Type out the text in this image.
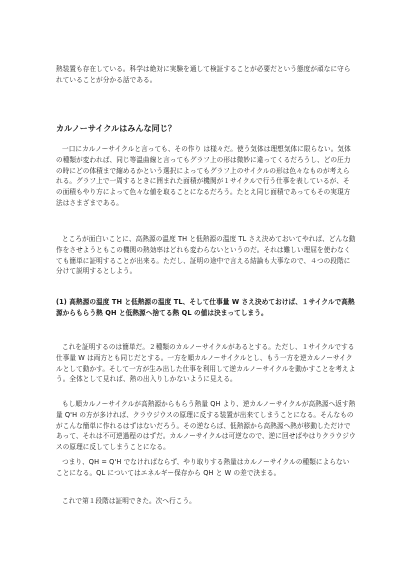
熱装置も存在している。科学は絶対に実験を通して検証することが必要だという態度が頑なに守られていることが分かる話である。

カルノーサイクルはみんな同じ？

一口にカルノーサイクルと言っても、その作り は様々だ。使う気体は理想気体に限らない。気体の種類が変われば、同じ等温曲線と言ってもグラフ上の形は微妙に違ってくるだろうし、どの圧力の時にどの体積まで縮めるかという選択によってもグラフ上のサイクルの形は色々なものが考えられる。グラフ上で一周するときに囲まれた面積が機関が１サイクルで行う仕事を表しているが、その面積もやり方によって色々な値を取ることになるだろう。たとえ同じ面積であってもその実現方法はさまざまである。

ところが面白いことに、高熱源の温度 TH と低熱源の温度 TL さえ決めておいてやれば、どんな動作をさせようともこの機関の熱効率はどれも変わらないというのだ。それは難しい理屈を使わなくても簡単に証明することが出来る。ただし、証明の途中で言える結論も大事なので、４つの段階に分けて説明するとしよう。

(1) 高熱源の温度 TH と低熱源の温度 TL、そして仕事量 W さえ決めておけば、１サイクルで高熱源からもらう熱 QH と低熱源へ捨てる熱 QL の値は決まってしまう。

これを証明するのは簡単だ。２種類のカルノーサイクルがあるとする。ただし、１サイクルでする仕事量 W は両方とも同じだとする。一方を順カルノーサイクルとし、もう一方を逆カルノーサイクルとして動かす。そして一方が生み出した仕事を利用して逆カルノーサイクルを動かすことを考えよう。全体として見れば、熱の出入りしかないように見える。

もし順カルノーサイクルが高熱源からもらう熱量 QH より、逆カルノーサイクルが高熱源へ返す熱量 Q'H の方が多ければ、クラウジウスの原理に反する装置が出来てしまうことになる。そんなものがこんな簡単に作れるはずはないだろう。その逆ならば、低熱源から高熱源へ熱が移動しただけであって、それは不可逆過程のはずだ。カルノーサイクルは可逆なので、逆に回せばやはりクラウジウスの原理に反してしまうことになる。

つまり、QH = Q'H でなければならず、やり取りする熱量はカルノーサイクルの種類によらないことになる。QL についてはエネルギー保存から QH と W の差で決まる。

これで第１段階は証明できた。次へ行こう。
